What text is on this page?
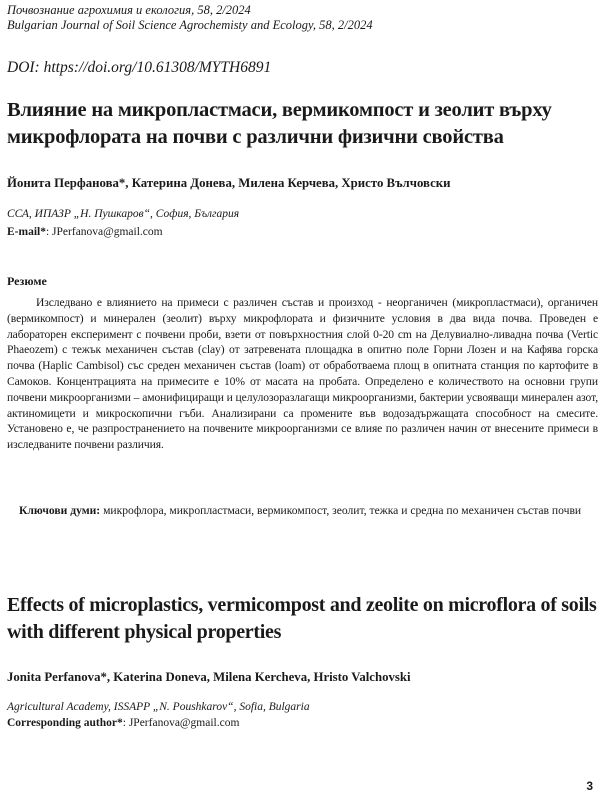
Почвознание агрохимия и екология, 58, 2/2024
Bulgarian Journal of Soil Science Agrochemisty and Ecology, 58, 2/2024
DOI: https://doi.org/10.61308/MYTH6891
Влияние на микропластмаси, вермикомпост и зеолит върху микрофлората на почви с различни физични свойства
Йонита Перфанова*, Катерина Донева, Милена Керчева, Христо Вълчовски
ССА, ИПАЗР „Н. Пушкаров“, София, България
E-mail*: JPerfanova@gmail.com
Резюме

Изследвано е влиянието на примеси с различен състав и произход - неорганичен (микропластмаси), органичен (вермикомпост) и минерален (зеолит) върху микрофлората и физичните условия в два вида почва. Проведен е лабораторен експеримент с почвени проби, взети от повърхностния слой 0-20 cm на Делувиално-ливадна почва (Vertic Phaeozem) с тежък механичен състав (clay) от затревената площадка в опитно поле Горни Лозен и на Кафява горска почва (Haplic Cambisol) със среден механичен състав (loam) от обработваема площ в опитната станция по картофите в Самоков. Концентрацията на примесите е 10% от масата на пробата. Определено е количеството на основни групи почвени микроорганизми – амонифициращи и целулозоразлагащи микроорганизми, бактерии усвояващи минерален азот, актиномицети и микроскопични гъби. Анализирани са промените във водозадържащата способност на смесите. Установено е, че разпространението на почвените микроорганизми се влияе по различен начин от внесените примеси в изследваните почвени различия.

Ключови думи: микрофлора, микропластмаси, вермикомпост, зеолит, тежка и средна по механичен състав почви
Effects of microplastics, vermicompost and zeolite on microflora of soils with different physical properties
Jonita Perfanova*, Katerina Doneva, Milena Kercheva, Hristo Valchovski
Agricultural Academy, ISSAPP „N. Poushkarov“, Sofia, Bulgaria
Corresponding author*: JPerfanova@gmail.com
3
